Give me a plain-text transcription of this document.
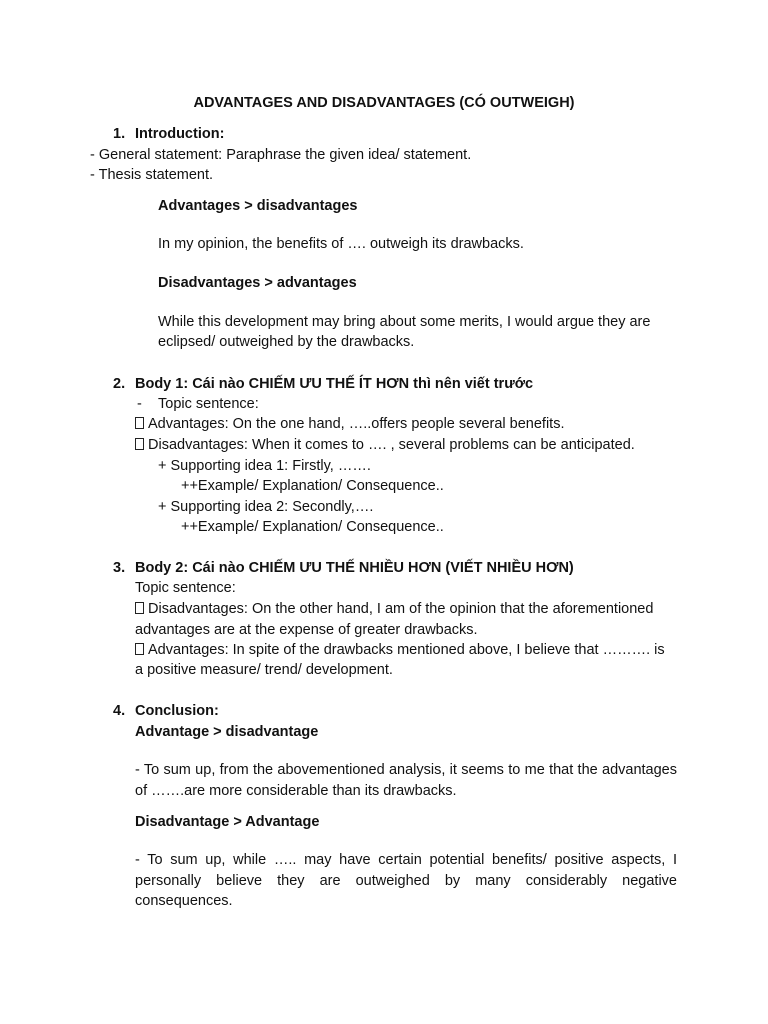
ADVANTAGES AND DISADVANTAGES (CÓ OUTWEIGH)
1. Introduction:
- General statement: Paraphrase the given idea/ statement.
- Thesis statement.
Advantages > disadvantages
In my opinion, the benefits of …. outweigh its drawbacks.
Disadvantages > advantages
While this development may bring about some merits, I would argue they are
eclipsed/ outweighed by the drawbacks.
2. Body 1: Cái nào CHIẾM ƯU THẾ ÍT HƠN thì nên viết trước
- Topic sentence:
Advantages: On the one hand, …..offers people several benefits.
Disadvantages: When it comes to …. , several problems can be anticipated.
+ Supporting idea 1: Firstly, …….
++Example/ Explanation/ Consequence..
+ Supporting idea 2: Secondly,….
++Example/ Explanation/ Consequence..
3. Body 2: Cái nào CHIẾM ƯU THẾ NHIỀU HƠN (VIẾT NHIỀU HƠN)
Topic sentence:
Disadvantages: On the other hand, I am of the opinion that the aforementioned
advantages are at the expense of greater drawbacks.
Advantages: In spite of the drawbacks mentioned above, I believe that ………. is
a positive measure/ trend/ development.
4. Conclusion:
Advantage > disadvantage
- To sum up, from the abovementioned analysis, it seems to me that the advantages of …….are more considerable than its drawbacks.
Disadvantage > Advantage
- To sum up, while ….. may have certain potential benefits/ positive aspects, I personally believe they are outweighed by many considerably negative consequences.
